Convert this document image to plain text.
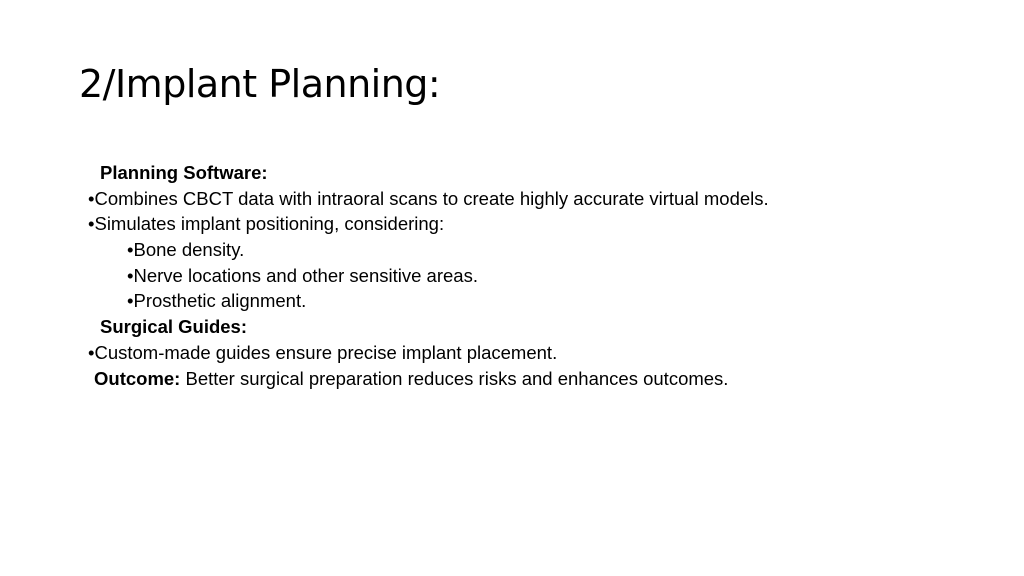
2/Implant Planning:
Planning Software:
•Combines CBCT data with intraoral scans to create highly accurate virtual models.
•Simulates implant positioning, considering:
•Bone density.
•Nerve locations and other sensitive areas.
•Prosthetic alignment.
Surgical Guides:
•Custom-made guides ensure precise implant placement.
Outcome: Better surgical preparation reduces risks and enhances outcomes.
